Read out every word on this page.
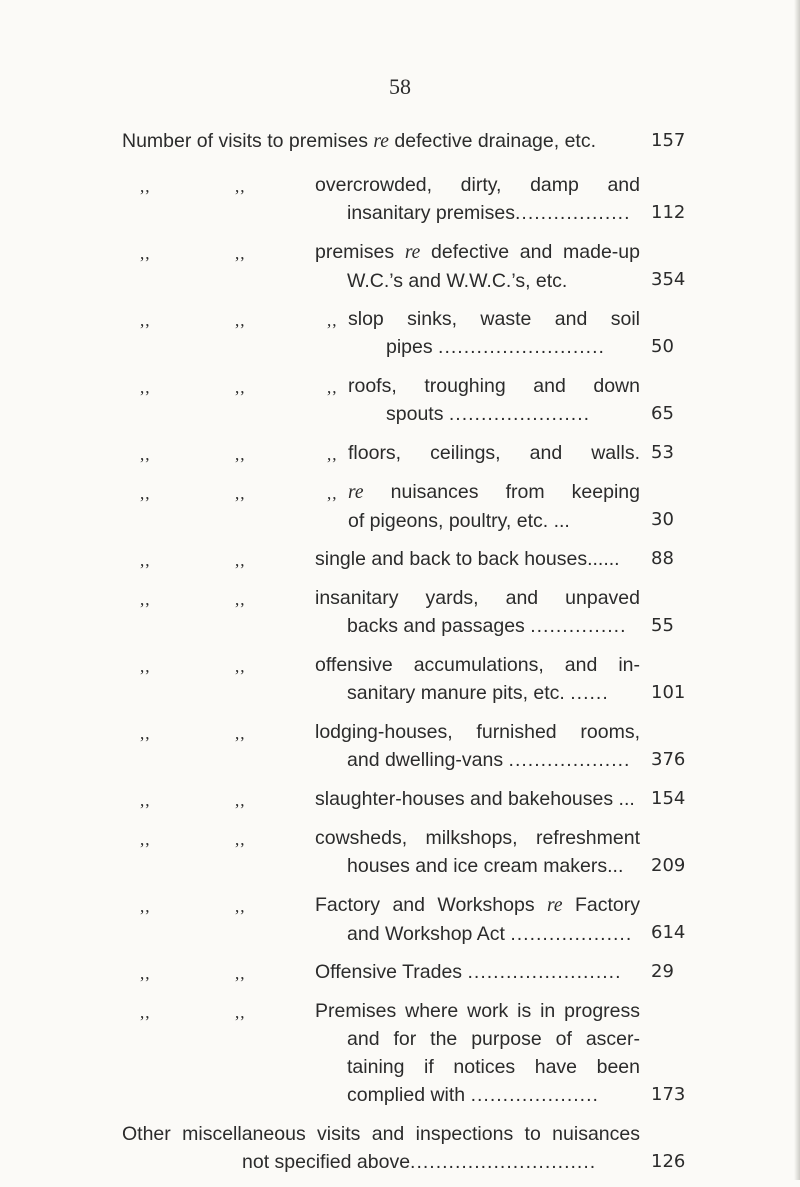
58
Number of visits to premises re defective drainage, etc.	157
,,	,,	overcrowded, dirty, damp and
insanitary premises..................	112
,,	,,	premises re defective and made-up
W.C.’s and W.W.C.’s, etc.	354
,,	,,	,, slop sinks, waste and soil
pipes ..........................	50
,,	,,	,, roofs, troughing and down
spouts ......................	65
,,	,,	,, floors, ceilings, and walls. 53
,,	,,	,, re nuisances from keeping
of pigeons, poultry, etc. ...	30
,,	,,	single and back to back houses......	88
,,	,,	insanitary yards, and unpaved
backs and passages ...............	55
,,	,,	offensive accumulations, and in-
sanitary manure pits, etc. ......	101
,,	,,	lodging-houses, furnished rooms,
and dwelling-vans ...................	376
,,	,,	slaughter-houses and bakehouses ... 154
,,	,,	cowsheds, milkshops, refreshment
houses and ice cream makers...	209
,,	,,	Factory and Workshops re Factory
and Workshop Act ...................	614
,,	,,	Offensive Trades ........................	29
,,	,,	Premises where work is in progress
and for the purpose of ascer-
taining if notices have been
complied with ....................	173
Other miscellaneous visits and inspections to nuisances
not specified above.............................	126
